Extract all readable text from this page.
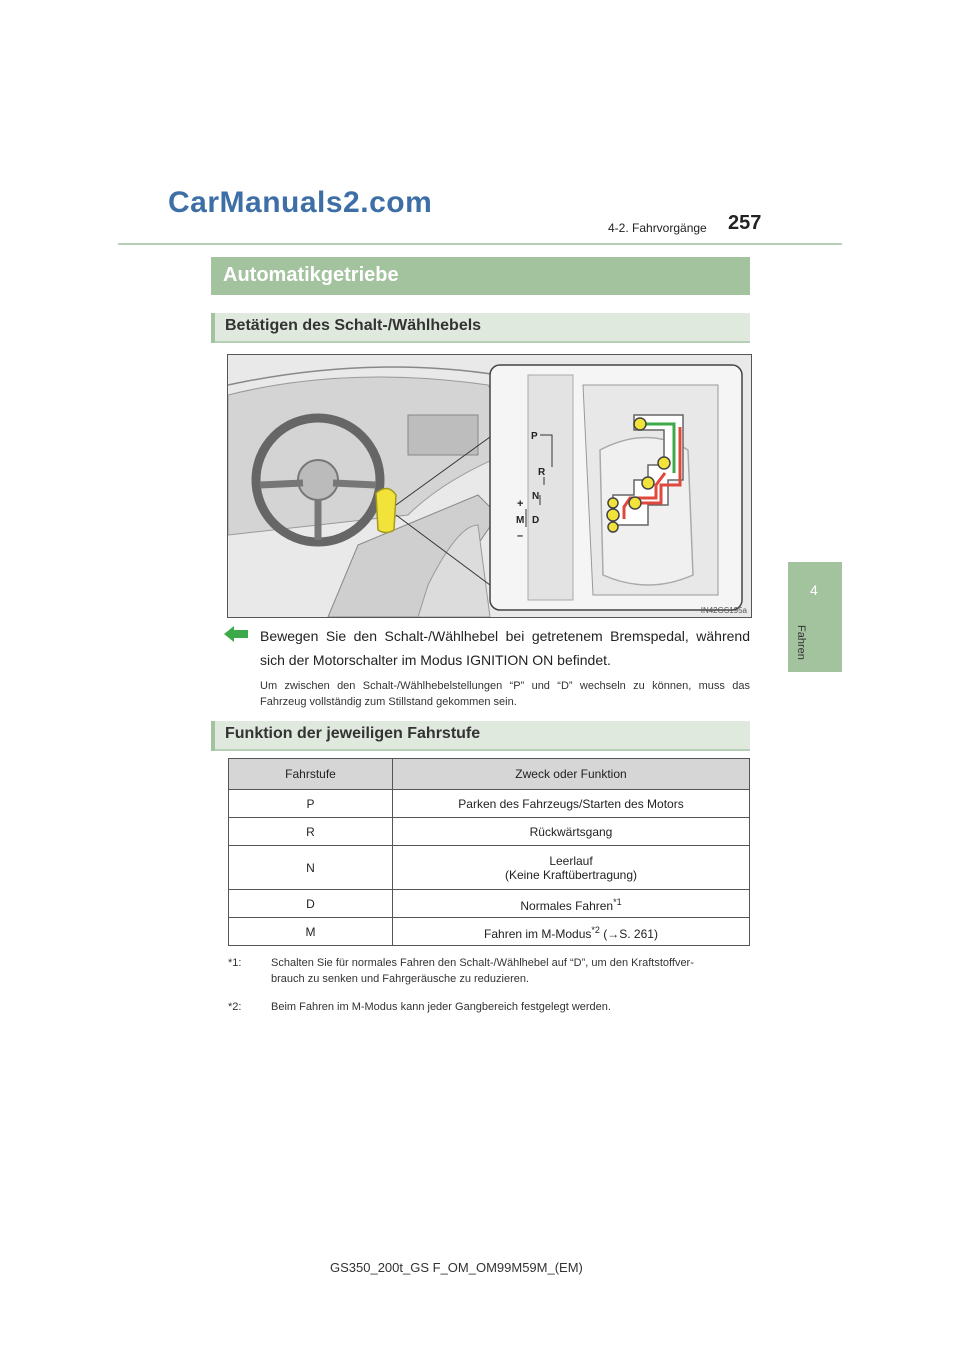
CarManuals2.com
257
4-2. Fahrvorgänge
4
Fahren
Automatikgetriebe
Betätigen des Schalt-/Wählhebels
P
R
N
D
M
+
–
IN42GS195a
Bewegen Sie den Schalt-/Wählhebel bei getretenem Bremspedal, während sich der Motorschalter im Modus IGNITION ON befindet.
Um zwischen den Schalt-/Wählhebelstellungen “P” und “D” wechseln zu können, muss das Fahrzeug vollständig zum Stillstand gekommen sein.
Funktion der jeweiligen Fahrstufe
Fahrstufe	Zweck oder Funktion
P	Parken des Fahrzeugs/Starten des Motors
R	Rückwärtsgang
N	Leerlauf
(Keine Kraftübertragung)

D	Normales Fahren$^{*1}$
M	Fahren im M-Modus$^{*2}$ (→S. 261)
*1:	Schalten Sie für normales Fahren den Schalt-/Wählhebel auf “D”, um den Kraftstoffver-
brauch zu senken und Fahrgeräusche zu reduzieren.
*2:	Beim Fahren im M-Modus kann jeder Gangbereich festgelegt werden.
GS350_200t_GS F_OM_OM99M59M_(EM)
